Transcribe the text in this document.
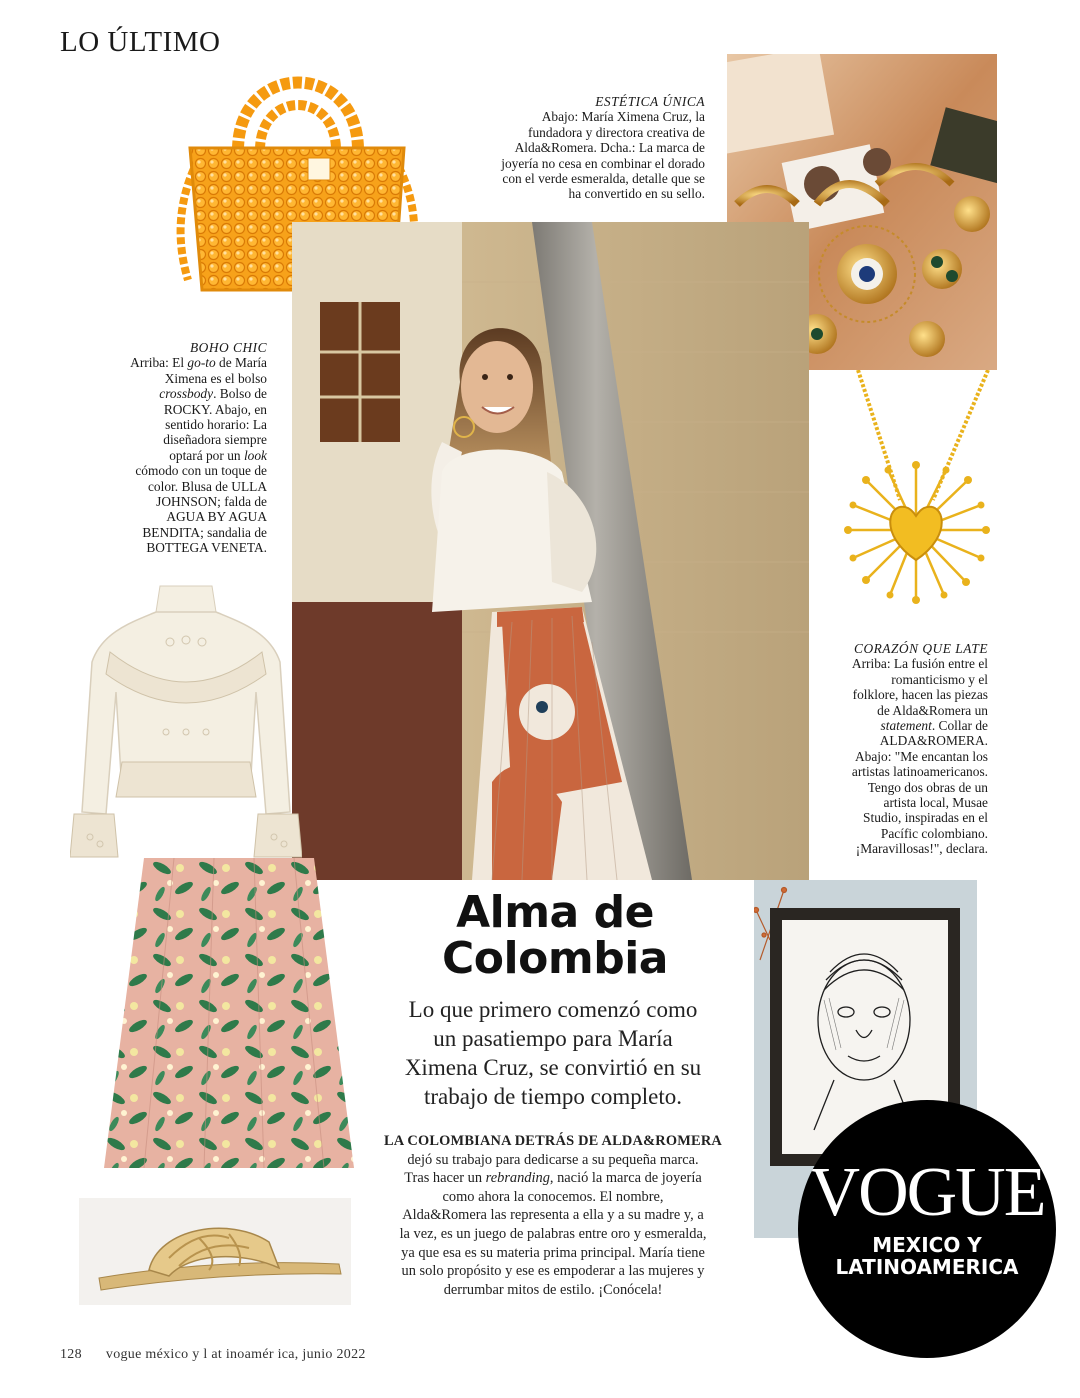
LO ÚLTIMO
ESTÉTICA ÚNICA
Abajo: María Ximena Cruz, la
fundadora y directora creativa de
Alda&Romera. Dcha.: La marca de
joyería no cesa en combinar el dorado
con el verde esmeralda, detalle que se
ha convertido en su sello.
BOHO CHIC
Arriba: El go-to de María
Ximena es el bolso
crossbody. Bolso de
ROCKY. Abajo, en
sentido horario: La
diseñadora siempre
optará por un look
cómodo con un toque de
color. Blusa de ULLA
JOHNSON; falda de
AGUA BY AGUA
BENDITA; sandalia de
BOTTEGA VENETA.
CORAZÓN QUE LATE
Arriba: La fusión entre el
romanticismo y el
folklore, hacen las piezas
de Alda&Romera un
statement. Collar de
ALDA&ROMERA.
Abajo: "Me encantan los
artistas latinoamericanos.
Tengo dos obras de un
artista local, Musae
Studio, inspiradas en el
Pacífic colombiano.
¡Maravillosas!", declara.
Alma de
Colombia
Lo que primero comenzó como
un pasatiempo para María
Ximena Cruz, se convirtió en su
trabajo de tiempo completo.
LA COLOMBIANA DETRÁS DE ALDA&ROMERA
dejó su trabajo para dedicarse a su pequeña marca.
Tras hacer un rebranding, nació la marca de joyería
como ahora la conocemos. El nombre,
Alda&Romera las representa a ella y a su madre y, a
la vez, es un juego de palabras entre oro y esmeralda,
ya que esa es su materia prima principal. María tiene
un solo propósito y ese es empoderar a las mujeres y
derrumbar mitos de estilo. ¡Conócela!
VOGUE
MEXICO Y
LATINOAMERICA
128 vogue méxico y l at inoamér ica, junio 2022
